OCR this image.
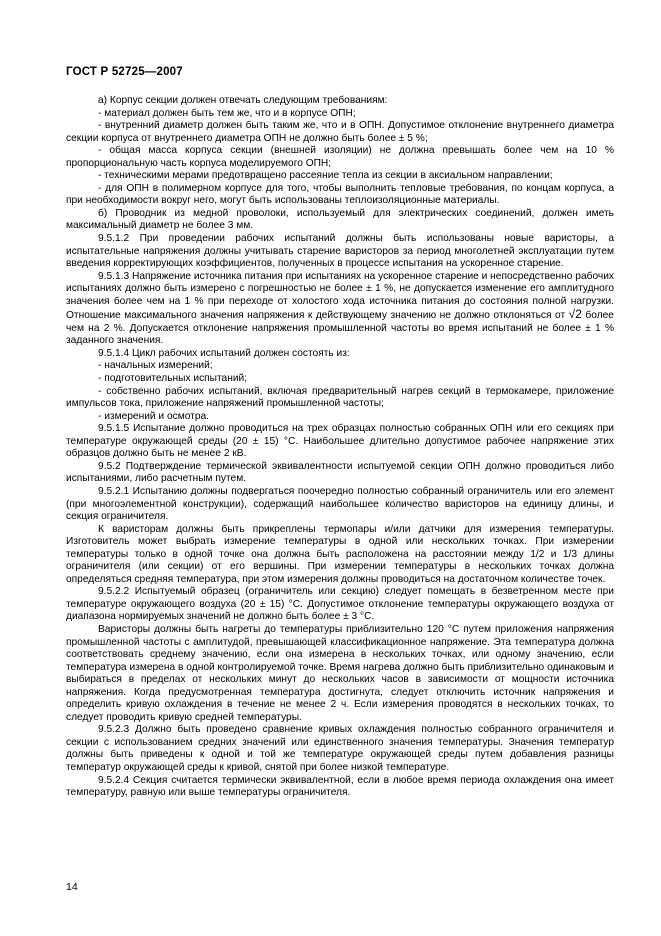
ГОСТ Р 52725—2007

а) Корпус секции должен отвечать следующим требованиям:

- материал должен быть тем же, что и в корпусе ОПН;

- внутренний диаметр должен быть таким же, что и в ОПН. Допустимое отклонение внутреннего диаметра секции корпуса от внутреннего диаметра ОПН не должно быть более ± 5 %;

- общая масса корпуса секции (внешней изоляции) не должна превышать более чем на 10 % пропорциональную часть корпуса моделируемого ОПН;

- техническими мерами предотвращено рассеяние тепла из секции в аксиальном направлении;

- для ОПН в полимерном корпусе для того, чтобы выполнить тепловые требования, по концам корпуса, а при необходимости вокруг него, могут быть использованы теплоизоляционные материалы.

б) Проводник из медной проволоки, используемый для электрических соединений, должен иметь максимальный диаметр не более 3 мм.

9.5.1.2 При проведении рабочих испытаний должны быть использованы новые варисторы, а испытательные напряжения должны учитывать старение варисторов за период многолетней эксплуатации путем введения корректирующих коэффициентов, полученных в процессе испытания на ускоренное старение.

9.5.1.3 Напряжение источника питания при испытаниях на ускоренное старение и непосредственно рабочих испытаниях должно быть измерено с погрешностью не более ± 1 %, не допускается изменение его амплитудного значения более чем на 1 % при переходе от холостого хода источника питания до состояния полной нагрузки. Отношение максимального значения напряжения к действующему значению не должно отклоняться от √2 более чем на 2 %. Допускается отклонение напряжения промышленной частоты во время испытаний не более ± 1 % заданного значения.

9.5.1.4 Цикл рабочих испытаний должен состоять из:

- начальных измерений;

- подготовительных испытаний;

- собственно рабочих испытаний, включая предварительный нагрев секций в термокамере, приложение импульсов тока, приложение напряжений промышленной частоты;

- измерений и осмотра.

9.5.1.5 Испытание должно проводиться на трех образцах полностью собранных ОПН или его секциях при температуре окружающей среды (20 ± 15) °С. Наибольшее длительно допустимое рабочее напряжение этих образцов должно быть не менее 2 кВ.

9.5.2 Подтверждение термической эквивалентности испытуемой секции ОПН должно проводиться либо испытаниями, либо расчетным путем.

9.5.2.1 Испытанию должны подвергаться поочередно полностью собранный ограничитель или его элемент (при многоэлементной конструкции), содержащий наибольшее количество варисторов на единицу длины, и секция ограничителя.

К варисторам должны быть прикреплены термопары и/или датчики для измерения температуры. Изготовитель может выбрать измерение температуры в одной или нескольких точках. При измерении температуры только в одной точке она должна быть расположена на расстоянии между 1/2 и 1/3 длины ограничителя (или секции) от его вершины. При измерении температуры в нескольких точках должна определяться средняя температура, при этом измерения должны проводиться на достаточном количестве точек.

9.5.2.2 Испытуемый образец (ограничитель или секцию) следует помещать в безветренном месте при температуре окружающего воздуха (20 ± 15) °С. Допустимое отклонение температуры окружающего воздуха от диапазона нормируемых значений не должно быть более ± 3 °С.

Варисторы должны быть нагреты до температуры приблизительно 120 °С путем приложения напряжения промышленной частоты с амплитудой, превышающей классификационное напряжение. Эта температура должна соответствовать среднему значению, если она измерена в нескольких точках, или одному значению, если температура измерена в одной контролируемой точке. Время нагрева должно быть приблизительно одинаковым и выбираться в пределах от нескольких минут до нескольких часов в зависимости от мощности источника напряжения. Когда предусмотренная температура достигнута, следует отключить источник напряжения и определить кривую охлаждения в течение не менее 2 ч. Если измерения проводятся в нескольких точках, то следует проводить кривую средней температуры.

9.5.2.3 Должно быть проведено сравнение кривых охлаждения полностью собранного ограничителя и секции с использованием средних значений или единственного значения температуры. Значения температур должны быть приведены к одной и той же температуре окружающей среды путем добавления разницы температур окружающей среды к кривой, снятой при более низкой температуре.

9.5.2.4 Секция считается термически эквивалентной, если в любое время периода охлаждения она имеет температуру, равную или выше температуры ограничителя.

14
